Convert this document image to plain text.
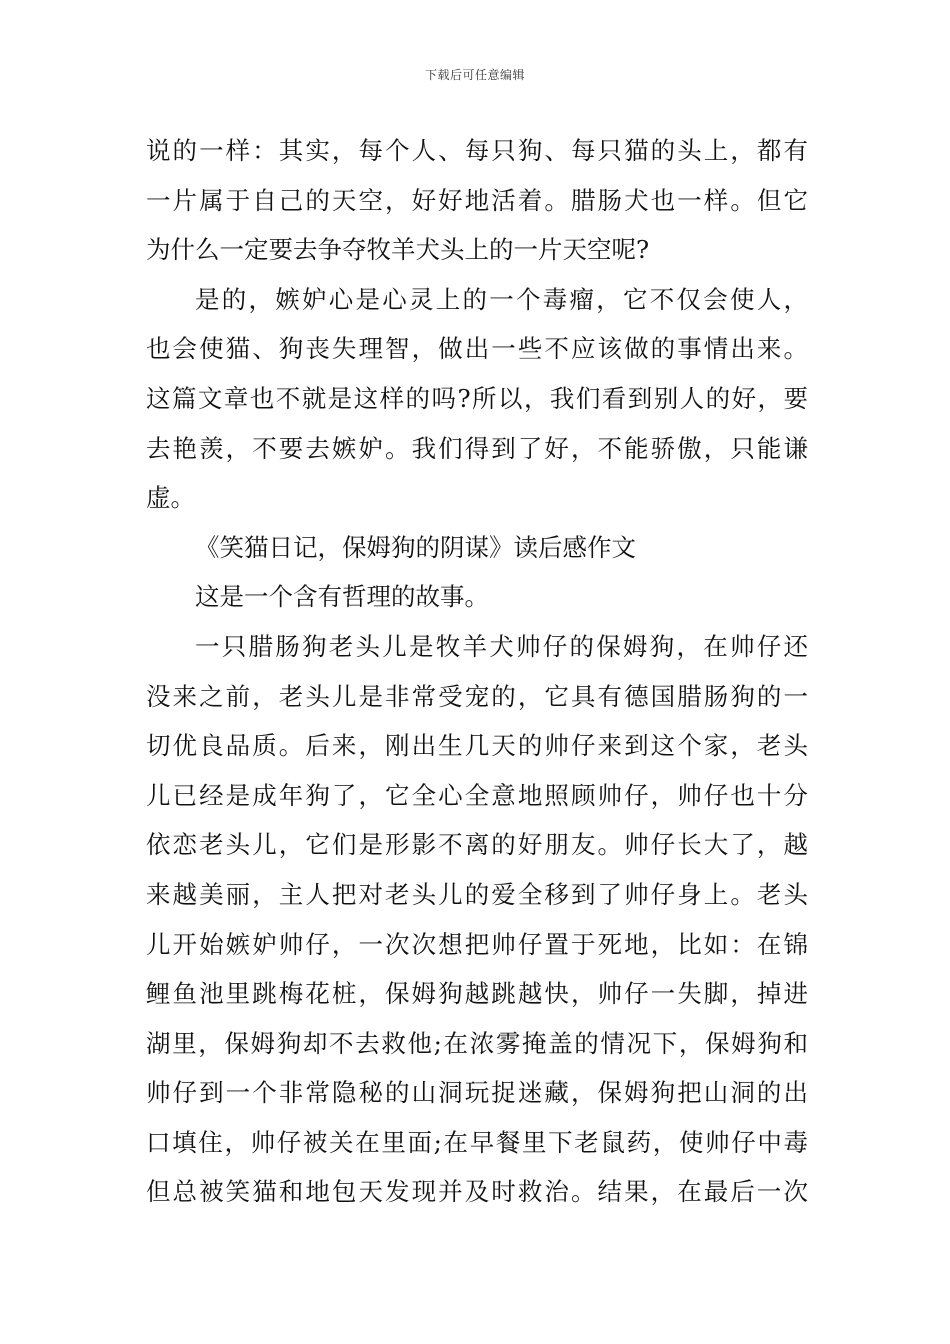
下载后可任意编辑
说的一样：其实，每个人、每只狗、每只猫的头上，都有
一片属于自己的天空，好好地活着。腊肠犬也一样。但它
为什么一定要去争夺牧羊犬头上的一片天空呢?
是的，嫉妒心是心灵上的一个毒瘤，它不仅会使人，
也会使猫、狗丧失理智，做出一些不应该做的事情出来。
这篇文章也不就是这样的吗?所以，我们看到别人的好，要
去艳羡，不要去嫉妒。我们得到了好，不能骄傲，只能谦
虚。
《笑猫日记，保姆狗的阴谋》读后感作文
这是一个含有哲理的故事。
一只腊肠狗老头儿是牧羊犬帅仔的保姆狗，在帅仔还
没来之前，老头儿是非常受宠的，它具有德国腊肠狗的一
切优良品质。后来，刚出生几天的帅仔来到这个家，老头
儿已经是成年狗了，它全心全意地照顾帅仔，帅仔也十分
依恋老头儿，它们是形影不离的好朋友。帅仔长大了，越
来越美丽，主人把对老头儿的爱全移到了帅仔身上。老头
儿开始嫉妒帅仔，一次次想把帅仔置于死地，比如：在锦
鲤鱼池里跳梅花桩，保姆狗越跳越快，帅仔一失脚，掉进
湖里，保姆狗却不去救他;在浓雾掩盖的情况下，保姆狗和
帅仔到一个非常隐秘的山洞玩捉迷藏，保姆狗把山洞的出
口填住，帅仔被关在里面;在早餐里下老鼠药，使帅仔中毒
但总被笑猫和地包天发现并及时救治。结果，在最后一次
